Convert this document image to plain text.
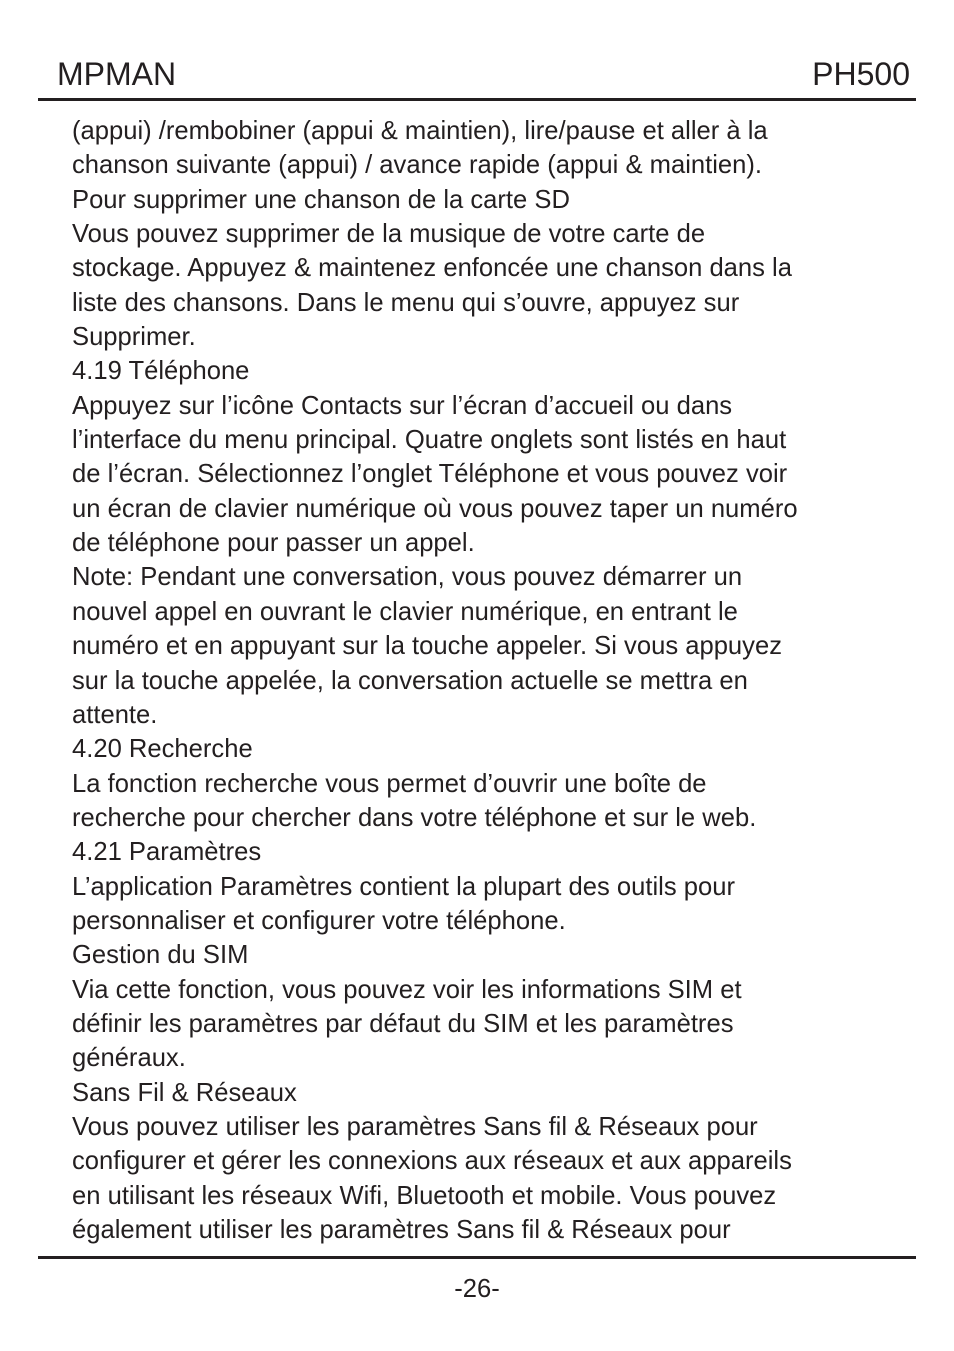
MPMAN	PH500
(appui) /rembobiner (appui & maintien), lire/pause et aller à la
chanson suivante (appui) / avance rapide (appui & maintien).
Pour supprimer une chanson de la carte SD
Vous pouvez supprimer de la musique de votre carte de
stockage. Appuyez & maintenez enfoncée une chanson dans la
liste des chansons. Dans le menu qui s’ouvre, appuyez sur
Supprimer.
4.19 Téléphone
Appuyez sur l’icône Contacts sur l’écran d’accueil ou dans
l’interface du menu principal. Quatre onglets sont listés en haut
de l’écran. Sélectionnez l’onglet Téléphone et vous pouvez voir
un écran de clavier numérique où vous pouvez taper un numéro
de téléphone pour passer un appel.
Note: Pendant une conversation, vous pouvez démarrer un
nouvel appel en ouvrant le clavier numérique, en entrant le
numéro et en appuyant sur la touche appeler. Si vous appuyez
sur la touche appelée, la conversation actuelle se mettra en
attente.
4.20 Recherche
La fonction recherche vous permet d’ouvrir une boîte de
recherche pour chercher dans votre téléphone et sur le web.
4.21 Paramètres
L’application Paramètres contient la plupart des outils pour
personnaliser et configurer votre téléphone.
Gestion du SIM
Via cette fonction, vous pouvez voir les informations SIM et
définir les paramètres par défaut du SIM et les paramètres
généraux.
Sans Fil & Réseaux
Vous pouvez utiliser les paramètres Sans fil & Réseaux pour
configurer et gérer les connexions aux réseaux et aux appareils
en utilisant les réseaux Wifi, Bluetooth et mobile. Vous pouvez
également utiliser les paramètres Sans fil & Réseaux pour
-26-
